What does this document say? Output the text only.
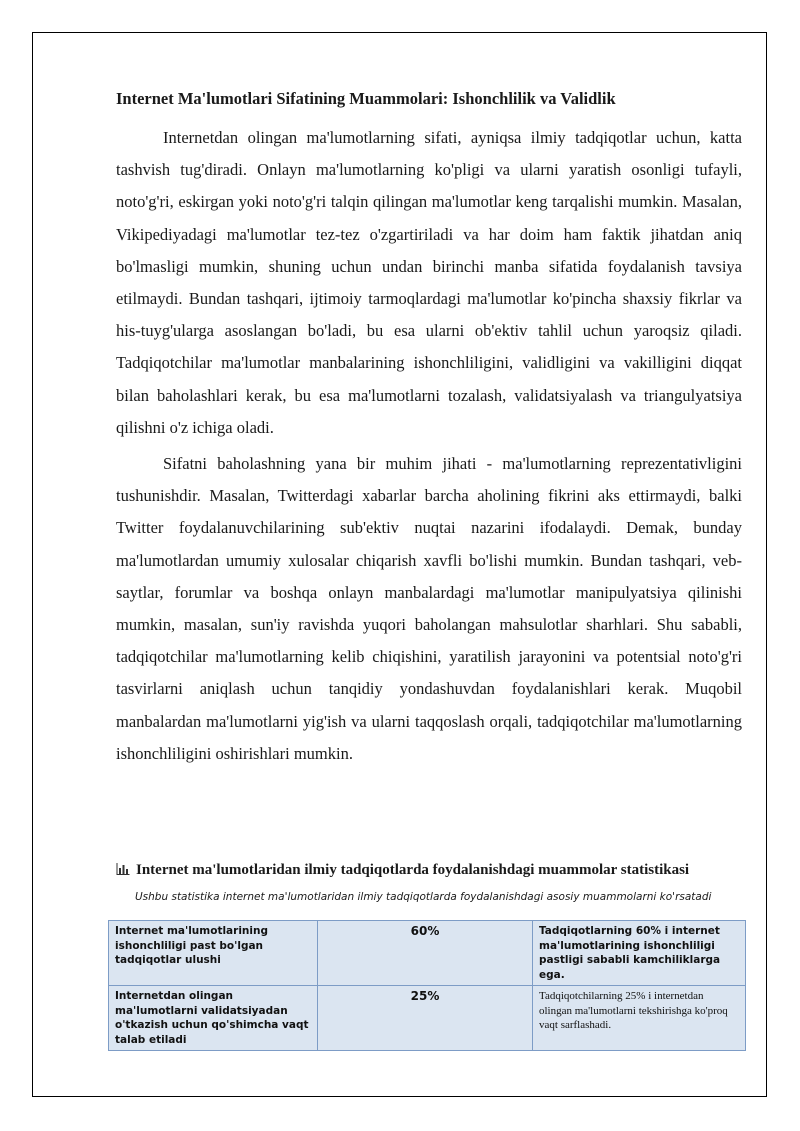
Internet Ma'lumotlari Sifatining Muammolari: Ishonchlilik va Validlik

Internetdan olingan ma'lumotlarning sifati, ayniqsa ilmiy tadqiqotlar uchun, katta tashvish tug'diradi. Onlayn ma'lumotlarning ko'pligi va ularni yaratish osonligi tufayli, noto'g'ri, eskirgan yoki noto'g'ri talqin qilingan ma'lumotlar keng tarqalishi mumkin. Masalan, Vikipediyadagi ma'lumotlar tez-tez o'zgartiriladi va har doim ham faktik jihatdan aniq bo'lmasligi mumkin, shuning uchun undan birinchi manba sifatida foydalanish tavsiya etilmaydi. Bundan tashqari, ijtimoiy tarmoqlardagi ma'lumotlar ko'pincha shaxsiy fikrlar va his-tuyg'ularga asoslangan bo'ladi, bu esa ularni ob'ektiv tahlil uchun yaroqsiz qiladi. Tadqiqotchilar ma'lumotlar manbalarining ishonchliligini, validligini va vakilligini diqqat bilan baholashlari kerak, bu esa ma'lumotlarni tozalash, validatsiyalash va triangulyatsiya qilishni o'z ichiga oladi.

Sifatni baholashning yana bir muhim jihati - ma'lumotlarning reprezentativligini tushunishdir. Masalan, Twitterdagi xabarlar barcha aholining fikrini aks ettirmaydi, balki Twitter foydalanuvchilarining sub'ektiv nuqtai nazarini ifodalaydi. Demak, bunday ma'lumotlardan umumiy xulosalar chiqarish xavfli bo'lishi mumkin. Bundan tashqari, veb-saytlar, forumlar va boshqa onlayn manbalardagi ma'lumotlar manipulyatsiya qilinishi mumkin, masalan, sun'iy ravishda yuqori baholangan mahsulotlar sharhlari. Shu sababli, tadqiqotchilar ma'lumotlarning kelib chiqishini, yaratilish jarayonini va potentsial noto'g'ri tasvirlarni aniqlash uchun tanqidiy yondashuvdan foydalanishlari kerak. Muqobil manbalardan ma'lumotlarni yig'ish va ularni taqqoslash orqali, tadqiqotchilar ma'lumotlarning ishonchliligini oshirishlari mumkin.

Internet ma'lumotlaridan ilmiy tadqiqotlarda foydalanishdagi muammolar statistikasi
Ushbu statistika internet ma'lumotlaridan ilmiy tadqiqotlarda foydalanishdagi asosiy muammolarni ko'rsatadi
Internet ma'lumotlarining ishonchliligi past bo'lgan tadqiqotlar ulushi	60%	Tadqiqotlarning 60% i internet ma'lumotlarining ishonchliligi pastligi sababli kamchiliklarga ega.
Internetdan olingan ma'lumotlarni validatsiyadan o'tkazish uchun qo'shimcha vaqt talab etiladi	25%	Tadqiqotchilarning 25% i internetdan olingan ma'lumotlarni tekshirishga ko'proq vaqt sarflashadi.
